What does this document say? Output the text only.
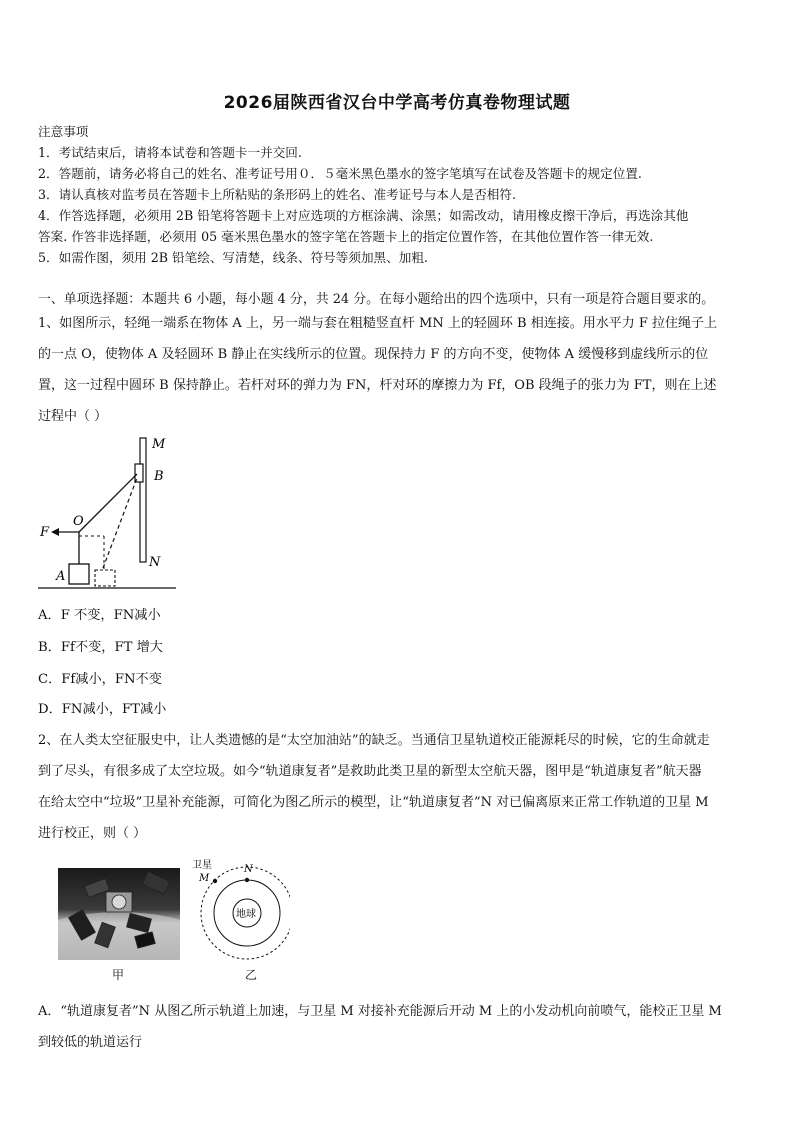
2026届陕西省汉台中学高考仿真卷物理试题
注意事项
1．考试结束后，请将本试卷和答题卡一并交回.
2．答题前，请务必将自己的姓名、准考证号用０．５毫米黑色墨水的签字笔填写在试卷及答题卡的规定位置.
3．请认真核对监考员在答题卡上所粘贴的条形码上的姓名、准考证号与本人是否相符.
4．作答选择题，必须用 2B 铅笔将答题卡上对应选项的方框涂满、涂黑；如需改动，请用橡皮擦干净后，再选涂其他
答案. 作答非选择题，必须用 05 毫米黑色墨水的签字笔在答题卡上的指定位置作答，在其他位置作答一律无效.
5．如需作图，须用 2B 铅笔绘、写清楚，线条、符号等须加黑、加粗.
一、单项选择题：本题共 6 小题，每小题 4 分，共 24 分。在每小题给出的四个选项中，只有一项是符合题目要求的。
1、如图所示，轻绳一端系在物体 A 上，另一端与套在粗糙竖直杆 MN 上的轻圆环 B 相连接。用水平力 F 拉住绳子上
的一点 O，使物体 A 及轻圆环 B 静止在实线所示的位置。现保持力 F 的方向不变，使物体 A 缓慢移到虚线所示的位
置，这一过程中圆环 B 保持静止。若杆对环的弹力为 FN，杆对环的摩擦力为 Ff，OB 段绳子的张力为 FT，则在上述
过程中（ ）
M
B
O
F
A
N
A．F 不变，FN减小
B．Ff不变，FT 增大
C．Ff减小，FN不变
D．FN减小，FT减小
2、在人类太空征服史中，让人类遗憾的是“太空加油站”的缺乏。当通信卫星轨道校正能源耗尽的时候，它的生命就走
到了尽头，有很多成了太空垃圾。如今“轨道康复者”是救助此类卫星的新型太空航天器，图甲是“轨道康复者”航天器
在给太空中“垃圾”卫星补充能源，可简化为图乙所示的模型，让“轨道康复者”N 对已偏离原来正常工作轨道的卫星 M
进行校正，则（ ）
甲
卫星
M
N
地球
乙
A．“轨道康复者”N 从图乙所示轨道上加速，与卫星 M 对接补充能源后开动 M 上的小发动机向前喷气，能校正卫星 M
到较低的轨道运行
